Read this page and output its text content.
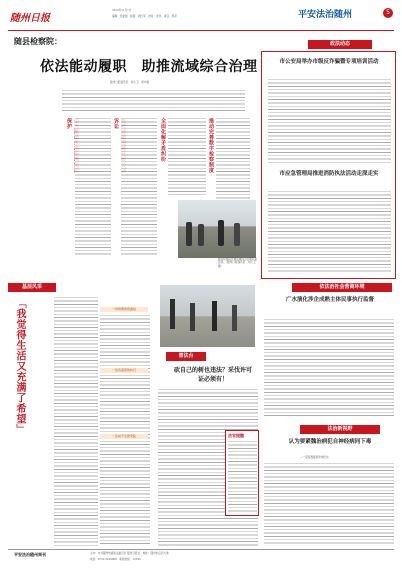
随州日报
2023年11月7日
编辑：吴建国　版面：周红军　校对：张伟　责任：郑萍	平安法治随州	5
随县检察院：
依法能动履职　助推流域综合治理
随州日报通讯员　刘大卫　周丰霖
保护
诉讼	全面化解矛盾纠纷	推动完善数字检察制度
随县检察院开展流域综合治理巡查活动。（随州日报通讯员　刘大卫　摄）
政法动态
市公安局举办市级反诈骗暨专项培训活动
市应急管理局推进消防执法活动走深走实
依法治社会营商环境
广水演化涉企成熟主体民事执行监督
基层风采
「我觉得生活又充满了希望」	一份特殊的感谢信
一次有温度的执行
一张抹不去的笑脸
普法台
砍自己的树也违法？采伐许可证必须有！
法官提醒
法治新视野
认为要紧魏治病犯自神经病同下毒
—一起投毒疑案审判纪实
平安法治随州周刊	主办：中共随州市委政法委员会 随州日报社　地址：随州市沿河大道
电话：0722-3229966　新闻热线：12345
